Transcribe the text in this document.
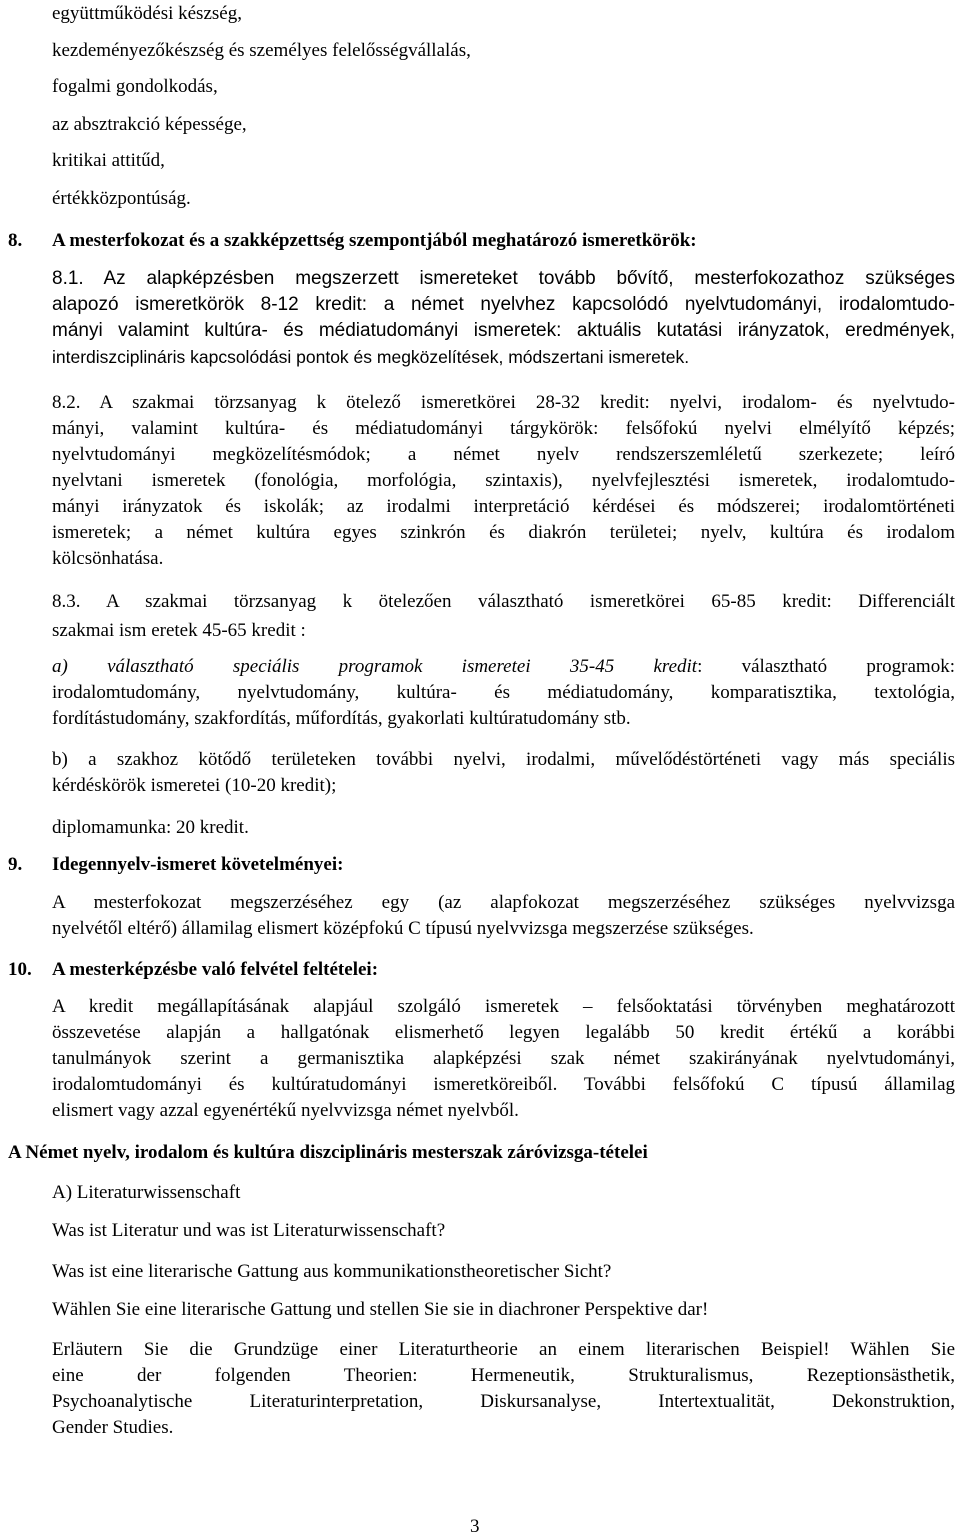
együttműködési készség,
kezdeményezőkészség és személyes felelősségvállalás,
fogalmi gondolkodás,
az absztrakció képessége,
kritikai attitűd,
értékközpontúság.
8. A mesterfokozat és a szakképzettség szempontjából meghatározó ismeretkörök:
8.1. Az alapképzésben megszerzett ismereteket tovább bővítő, mesterfokozathoz szükséges
alapozó ismeretkörök 8-12 kredit: a német nyelvhez kapcsolódó nyelvtudományi, irodalomtudo-
mányi valamint kultúra- és médiatudományi ismeretek: aktuális kutatási irányzatok, eredmények,
interdiszciplináris kapcsolódási pontok és megközelítések, módszertani ismeretek.
8.2. A szakmai törzsanyag k ötelező ismeretkörei 28-32 kredit: nyelvi, irodalom- és nyelvtudo-
mányi, valamint kultúra- és médiatudományi tárgykörök: felsőfokú nyelvi elmélyítő képzés;
nyelvtudományi megközelítésmódok; a német nyelv rendszerszemléletű szerkezete; leíró
nyelvtani ismeretek (fonológia, morfológia, szintaxis), nyelvfejlesztési ismeretek, irodalomtudo-
mányi irányzatok és iskolák; az irodalmi interpretáció kérdései és módszerei; irodalomtörténeti
ismeretek; a német kultúra egyes szinkrón és diakrón területei; nyelv, kultúra és irodalom
kölcsönhatása.
8.3. A szakmai törzsanyag k ötelezően választható ismeretkörei 65-85 kredit: Differenciált
szakmai ism eretek 45-65 kredit :
a) választható speciális programok ismeretei 35-45 kredit: választható programok:
irodalomtudomány, nyelvtudomány, kultúra- és médiatudomány, komparatisztika, textológia,
fordítástudomány, szakfordítás, műfordítás, gyakorlati kultúratudomány stb.
b) a szakhoz kötődő területeken további nyelvi, irodalmi, művelődéstörténeti vagy más speciális
kérdéskörök ismeretei (10-20 kredit);
diplomamunka: 20 kredit.
9. Idegennyelv-ismeret követelményei:
A mesterfokozat megszerzéséhez egy (az alapfokozat megszerzéséhez szükséges nyelvvizsga
nyelvétől eltérő) államilag elismert középfokú C típusú nyelvvizsga megszerzése szükséges.
10. A mesterképzésbe való felvétel feltételei:
A kredit megállapításának alapjául szolgáló ismeretek – felsőoktatási törvényben meghatározott
összevetése alapján a hallgatónak elismerhető legyen legalább 50 kredit értékű a korábbi
tanulmányok szerint a germanisztika alapképzési szak német szakirányának nyelvtudományi,
irodalomtudományi és kultúratudományi ismeretköreiből. További felsőfokú C típusú államilag
elismert vagy azzal egyenértékű nyelvvizsga német nyelvből.
A Német nyelv, irodalom és kultúra diszciplináris mesterszak záróvizsga-tételei
A) Literaturwissenschaft
Was ist Literatur und was ist Literaturwissenschaft?
Was ist eine literarische Gattung aus kommunikationstheoretischer Sicht?
Wählen Sie eine literarische Gattung und stellen Sie sie in diachroner Perspektive dar!
Erläutern Sie die Grundzüge einer Literaturtheorie an einem literarischen Beispiel! Wählen Sie
eine der folgenden Theorien: Hermeneutik, Strukturalismus, Rezeptionsästhetik,
Psychoanalytische Literaturinterpretation, Diskursanalyse, Intertextualität, Dekonstruktion,
Gender Studies.
3
